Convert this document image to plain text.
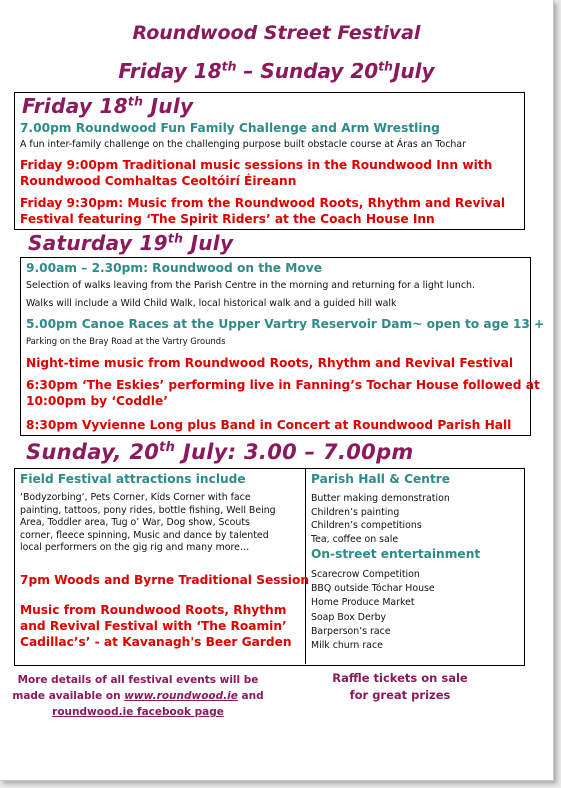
Roundwood Street Festival
Friday 18th – Sunday 20thJuly
Friday 18th July
7.00pm Roundwood Fun Family Challenge and Arm Wrestling
A fun inter-family challenge on the challenging purpose built obstacle course at Áras an Tochar
Friday 9:00pm Traditional music sessions in the Roundwood Inn with
Roundwood Comhaltas Ceoltóirí Éireann
Friday 9:30pm: Music from the Roundwood Roots, Rhythm and Revival
Festival featuring ‘The Spirit Riders’ at the Coach House Inn
Saturday 19th July
9.00am – 2.30pm: Roundwood on the Move
Selection of walks leaving from the Parish Centre in the morning and returning for a light lunch.
Walks will include a Wild Child Walk, local historical walk and a guided hill walk
5.00pm Canoe Races at the Upper Vartry Reservoir Dam~ open to age 13 +
Parking on the Bray Road at the Vartry Grounds
Night-time music from Roundwood Roots, Rhythm and Revival Festival
6:30pm ‘The Eskies’ performing live in Fanning’s Tochar House followed at
10:00pm by ‘Coddle’
8:30pm Vyvienne Long plus Band in Concert at Roundwood Parish Hall
Sunday, 20th July: 3.00 – 7.00pm
Field Festival attractions include
‘Bodyzorbing’, Pets Corner, Kids Corner with face
painting, tattoos, pony rides, bottle fishing, Well Being
Area, Toddler area, Tug o’ War, Dog show, Scouts
corner, fleece spinning, Music and dance by talented
local performers on the gig rig and many more…
7pm Woods and Byrne Traditional Session
Music from Roundwood Roots, Rhythm
and Revival Festival with ‘The Roamin’
Cadillac’s’ - at Kavanagh's Beer Garden
Parish Hall & Centre
Butter making demonstration
Children’s painting
Children’s competitions
Tea, coffee on sale
On-street entertainment
Scarecrow Competition
BBQ outside Tóchar House
Home Produce Market
Soap Box Derby
Barperson’s race
Milk churn race
More details of all festival events will be
made available on www.roundwood.ie and
roundwood.ie facebook page
Raffle tickets on sale
for great prizes
